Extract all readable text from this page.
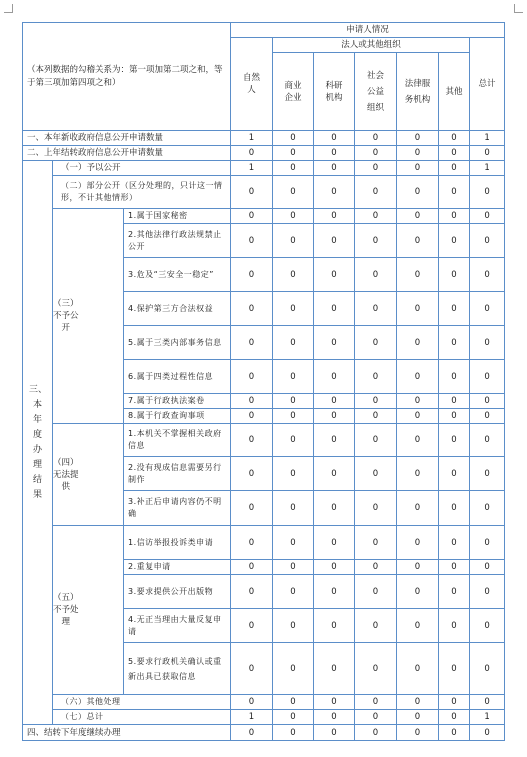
（本列数据的勾稽关系为：第一项加第二项之和，等于第三项加第四项之和）				申请人情况						
				自然人	法人或其他组织					总计
					商业企业	科研机构	社会公益组织	法律服务机构	其他	
一、本年新收政府信息公开申请数量				1	0	0	0	0	0	1
二、上年结转政府信息公开申请数量				0	0	0	0	0	0	0
三、本年度办理结果	（一）予以公开			1	0	0	0	0	0	1
	（二）部分公开（区分处理的，只计这一情形，不计其他情形）			0	0	0	0	0	0	0
	（三）不予公开		1.属于国家秘密	0	0	0	0	0	0	0
			2.其他法律行政法规禁止公开	0	0	0	0	0	0	0
			3.危及“三安全一稳定”	0	0	0	0	0	0	0
			4.保护第三方合法权益	0	0	0	0	0	0	0
			5.属于三类内部事务信息	0	0	0	0	0	0	0
			6.属于四类过程性信息	0	0	0	0	0	0	0
			7.属于行政执法案卷	0	0	0	0	0	0	0
			8.属于行政查询事项	0	0	0	0	0	0	0
	（四）无法提供		1.本机关不掌握相关政府信息	0	0	0	0	0	0	0
			2.没有现成信息需要另行制作	0	0	0	0	0	0	0
			3.补正后申请内容仍不明确	0	0	0	0	0	0	0
	（五）不予处理		1.信访举报投诉类申请	0	0	0	0	0	0	0
			2.重复申请	0	0	0	0	0	0	0
			3.要求提供公开出版物	0	0	0	0	0	0	0
			4.无正当理由大量反复申请	0	0	0	0	0	0	0
			5.要求行政机关确认或重新出具已获取信息	0	0	0	0	0	0	0
	（六）其他处理			0	0	0	0	0	0	0
	（七）总计			1	0	0	0	0	0	1
四、结转下年度继续办理				0	0	0	0	0	0	0
